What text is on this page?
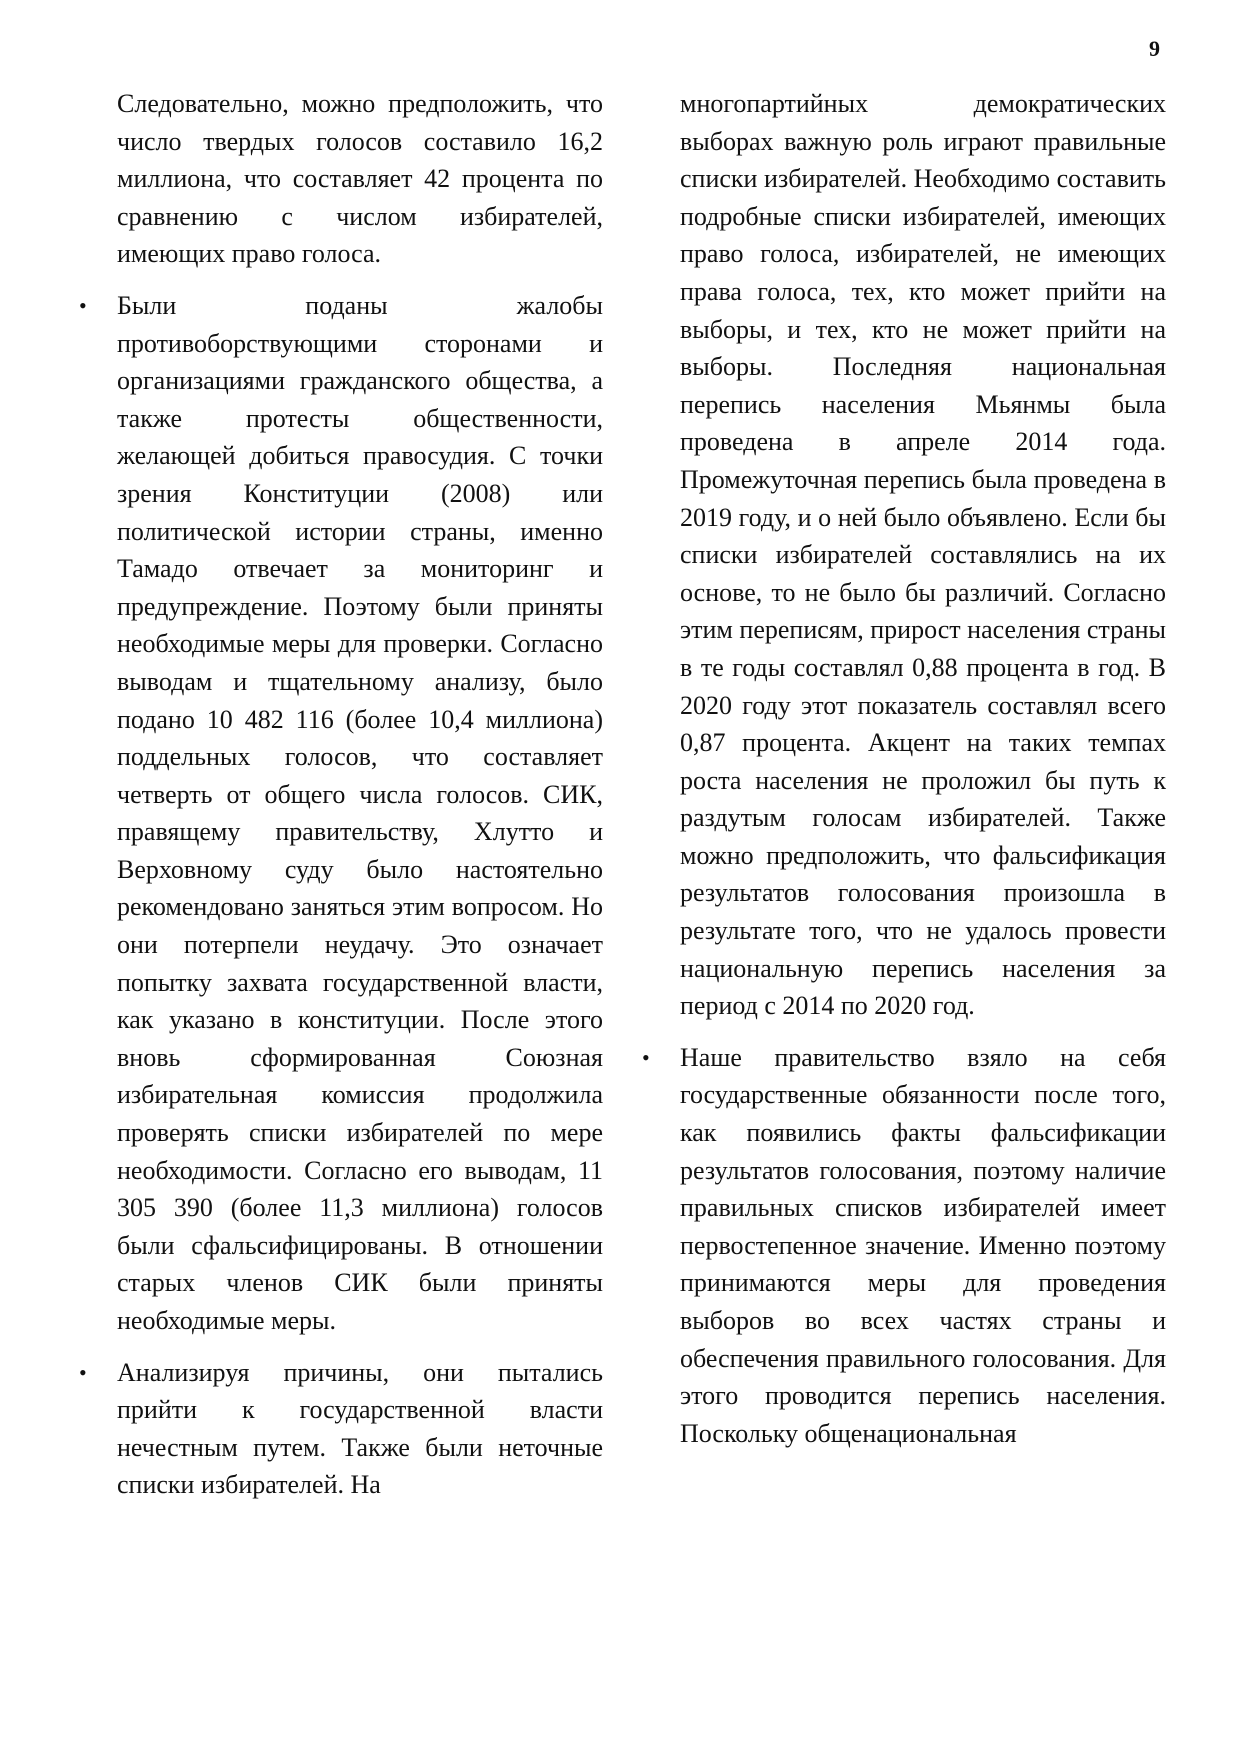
9

Следовательно, можно предположить, что число твердых голосов составило 16,2 миллиона, что составляет 42 процента по сравнению с числом избирателей, имеющих право голоса.

• Были поданы жалобы противоборствующими сторонами и организациями гражданского общества, а также протесты общественности, желающей добиться правосудия. С точки зрения Конституции (2008) или политической истории страны, именно Тамадо отвечает за мониторинг и предупреждение. Поэтому были приняты необходимые меры для проверки. Согласно выводам и тщательному анализу, было подано 10 482 116 (более 10,4 миллиона) поддельных голосов, что составляет четверть от общего числа голосов. СИК, правящему правительству, Хлутто и Верховному суду было настоятельно рекомендовано заняться этим вопросом. Но они потерпели неудачу. Это означает попытку захвата государственной власти, как указано в конституции. После этого вновь сформированная Союзная избирательная комиссия продолжила проверять списки избирателей по мере необходимости. Согласно его выводам, 11 305 390 (более 11,3 миллиона) голосов были сфальсифицированы. В отношении старых членов СИК были приняты необходимые меры.

• Анализируя причины, они пытались прийти к государственной власти нечестным путем. Также были неточные списки избирателей. На

многопартийных демократических выборах важную роль играют правильные списки избирателей. Необходимо составить подробные списки избирателей, имеющих право голоса, избирателей, не имеющих права голоса, тех, кто может прийти на выборы, и тех, кто не может прийти на выборы. Последняя национальная перепись населения Мьянмы была проведена в апреле 2014 года. Промежуточная перепись была проведена в 2019 году, и о ней было объявлено. Если бы списки избирателей составлялись на их основе, то не было бы различий. Согласно этим переписям, прирост населения страны в те годы составлял 0,88 процента в год. В 2020 году этот показатель составлял всего 0,87 процента. Акцент на таких темпах роста населения не проложил бы путь к раздутым голосам избирателей. Также можно предположить, что фальсификация результатов голосования произошла в результате того, что не удалось провести национальную перепись населения за период с 2014 по 2020 год.

• Наше правительство взяло на себя государственные обязанности после того, как появились факты фальсификации результатов голосования, поэтому наличие правильных списков избирателей имеет первостепенное значение. Именно поэтому принимаются меры для проведения выборов во всех частях страны и обеспечения правильного голосования. Для этого проводится перепись населения. Поскольку общенациональная
